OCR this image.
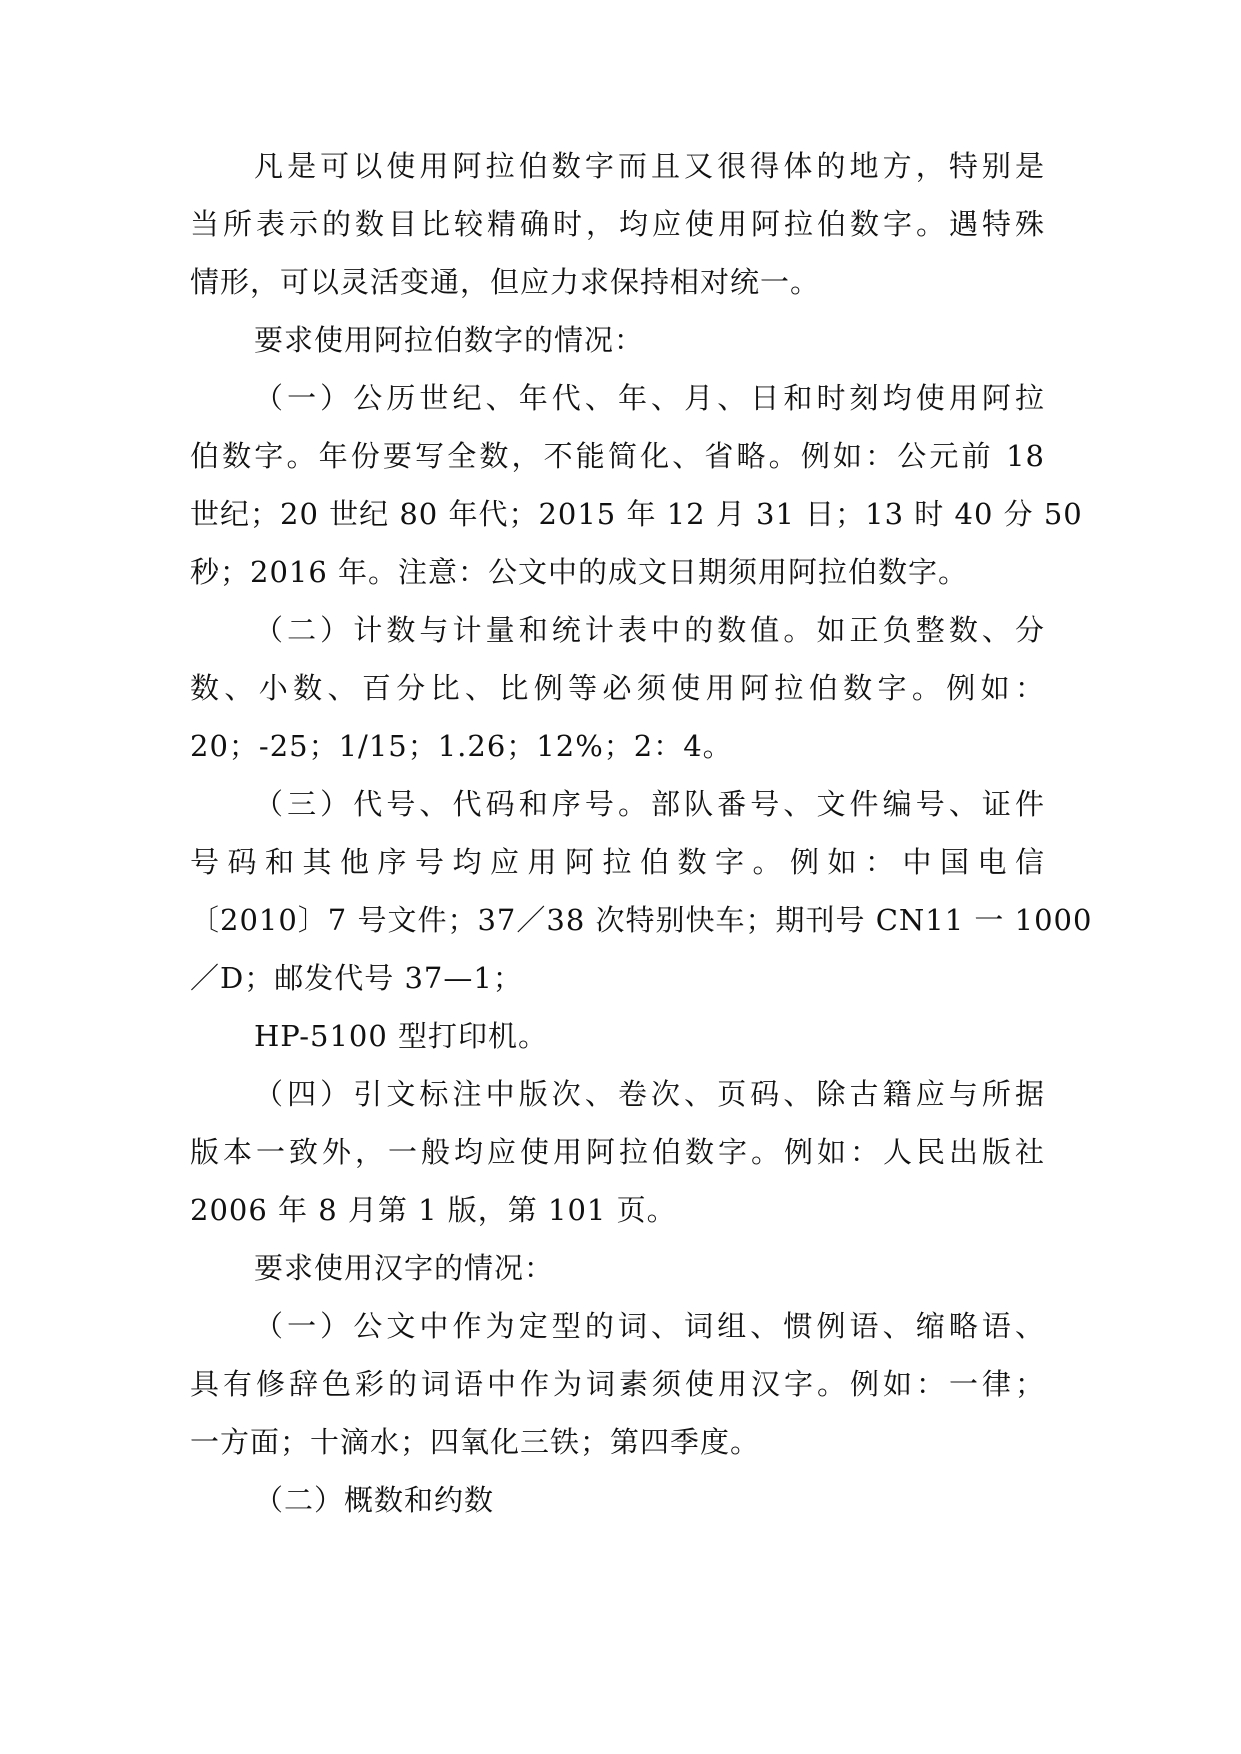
凡是可以使用阿拉伯数字而且又很得体的地方，特别是
当所表示的数目比较精确时，均应使用阿拉伯数字。遇特殊
情形，可以灵活变通，但应力求保持相对统一。
要求使用阿拉伯数字的情况：
（一）公历世纪、年代、年、月、日和时刻均使用阿拉
伯数字。年份要写全数，不能简化、省略。例如：公元前 18
世纪；20 世纪 80 年代；2015 年 12 月 31 日；13 时 40 分 50
秒；2016 年。注意：公文中的成文日期须用阿拉伯数字。
（二）计数与计量和统计表中的数值。如正负整数、分
数、小数、百分比、比例等必须使用阿拉伯数字。例如：
20；-25；1/15；1.26；12%；2：4。
（三）代号、代码和序号。部队番号、文件编号、证件
号码和其他序号均应用阿拉伯数字。例如：中国电信
〔2010〕7 号文件；37／38 次特别快车；期刊号 CN11 一 1000
／D；邮发代号 37—1；
HP-5100 型打印机。
（四）引文标注中版次、卷次、页码、除古籍应与所据
版本一致外，一般均应使用阿拉伯数字。例如：人民出版社
2006 年 8 月第 1 版，第 101 页。
要求使用汉字的情况：
（一）公文中作为定型的词、词组、惯例语、缩略语、
具有修辞色彩的词语中作为词素须使用汉字。例如：一律；
一方面；十滴水；四氧化三铁；第四季度。
（二）概数和约数
